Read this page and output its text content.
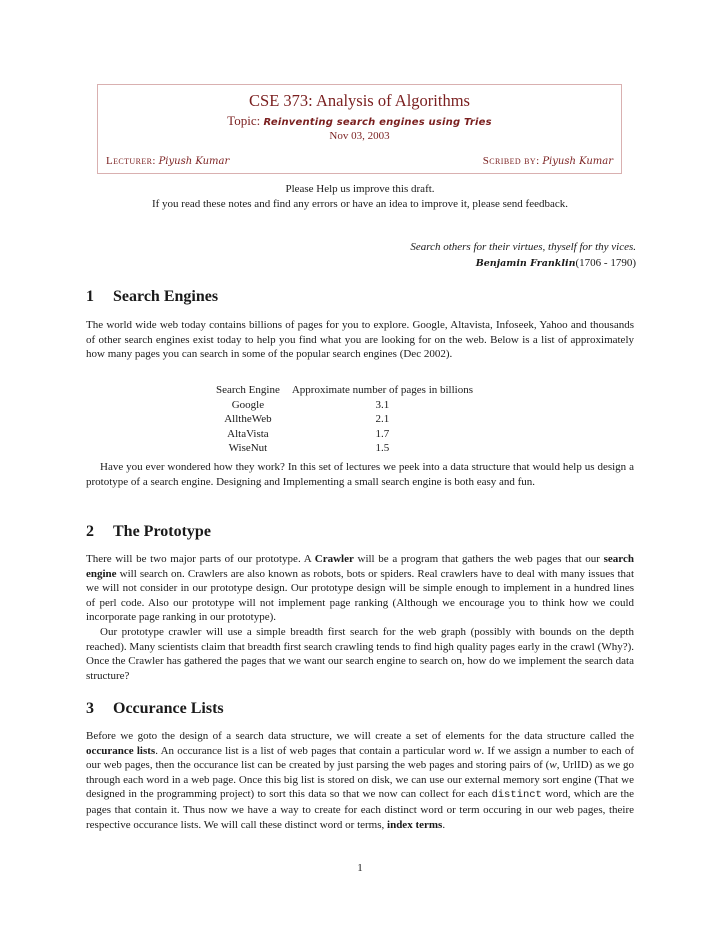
CSE 373: Analysis of Algorithms
Topic: Reinventing search engines using Tries
Nov 03, 2003
Lecturer: Piyush Kumar	Scribed by: Piyush Kumar
Please Help us improve this draft.
If you read these notes and find any errors or have an idea to improve it, please send feedback.
Search others for their virtues, thyself for thy vices.
Benjamin Franklin(1706 - 1790)
1 Search Engines

The world wide web today contains billions of pages for you to explore. Google, Altavista, Infoseek, Yahoo and thousands of other search engines exist today to help you find what you are looking for on the web. Below is a list of approximately how many pages you can search in some of the popular search engines (Dec 2002).

Search Engine	Approximate number of pages in billions
Google	3.1
AlltheWeb	2.1
AltaVista	1.7
WiseNut	1.5

Have you ever wondered how they work? In this set of lectures we peek into a data structure that would help us design a prototype of a search engine. Designing and Implementing a small search engine is both easy and fun.

2 The Prototype

There will be two major parts of our prototype. A Crawler will be a program that gathers the web pages that our search engine will search on. Crawlers are also known as robots, bots or spiders. Real crawlers have to deal with many issues that we will not consider in our prototype design. Our prototype design will be simple enough to implement in a hundred lines of perl code. Also our prototype will not implement page ranking (Although we encourage you to think how we could incorporate page ranking in our prototype).

Our prototype crawler will use a simple breadth first search for the web graph (possibly with bounds on the depth reached). Many scientists claim that breadth first search crawling tends to find high quality pages early in the crawl (Why?). Once the Crawler has gathered the pages that we want our search engine to search on, how do we implement the search data structure?

3 Occurance Lists

Before we goto the design of a search data structure, we will create a set of elements for the data structure called the occurance lists. An occurance list is a list of web pages that contain a particular word w. If we assign a number to each of our web pages, then the occurance list can be created by just parsing the web pages and storing pairs of (w, UrlID) as we go through each word in a web page. Once this big list is stored on disk, we can use our external memory sort engine (That we designed in the programming project) to sort this data so that we now can collect for each distinct word, which are the pages that contain it. Thus now we have a way to create for each distinct word or term occuring in our web pages, theire respective occurance lists. We will call these distinct word or terms, index terms.

1
